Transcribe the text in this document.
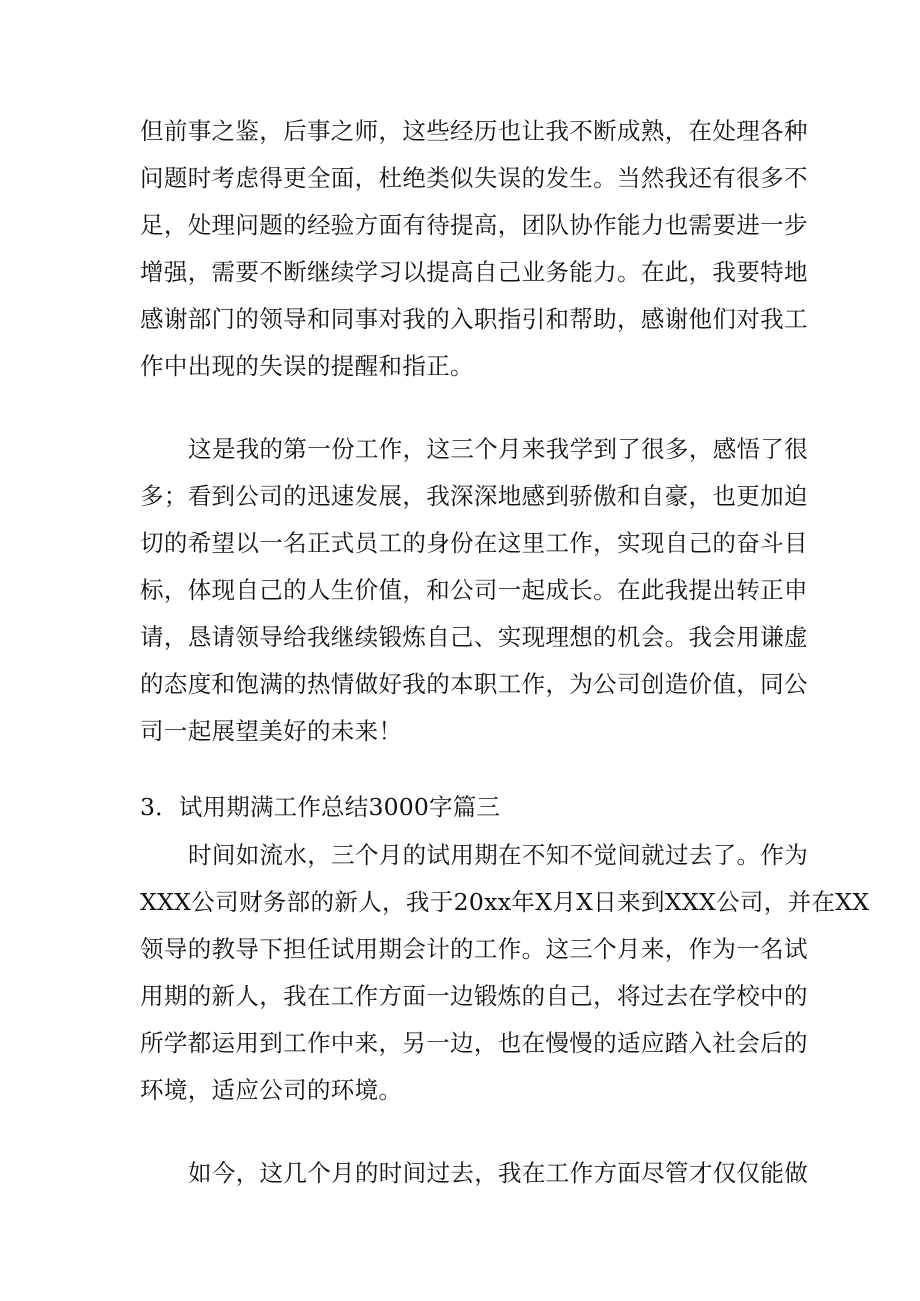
但前事之鉴，后事之师，这些经历也让我不断成熟，在处理各种
问题时考虑得更全面，杜绝类似失误的发生。当然我还有很多不
足，处理问题的经验方面有待提高，团队协作能力也需要进一步
增强，需要不断继续学习以提高自己业务能力。在此，我要特地
感谢部门的领导和同事对我的入职指引和帮助，感谢他们对我工
作中出现的失误的提醒和指正。
这是我的第一份工作，这三个月来我学到了很多，感悟了很
多；看到公司的迅速发展，我深深地感到骄傲和自豪，也更加迫
切的希望以一名正式员工的身份在这里工作，实现自己的奋斗目
标，体现自己的人生价值，和公司一起成长。在此我提出转正申
请，恳请领导给我继续锻炼自己、实现理想的机会。我会用谦虚
的态度和饱满的热情做好我的本职工作，为公司创造价值，同公
司一起展望美好的未来！
3．试用期满工作总结3000字篇三
时间如流水，三个月的试用期在不知不觉间就过去了。作为
XXX公司财务部的新人，我于20xx年X月X日来到XXX公司，并在XX
领导的教导下担任试用期会计的工作。这三个月来，作为一名试
用期的新人，我在工作方面一边锻炼的自己，将过去在学校中的
所学都运用到工作中来，另一边，也在慢慢的适应踏入社会后的
环境，适应公司的环境。
如今，这几个月的时间过去，我在工作方面尽管才仅仅能做
